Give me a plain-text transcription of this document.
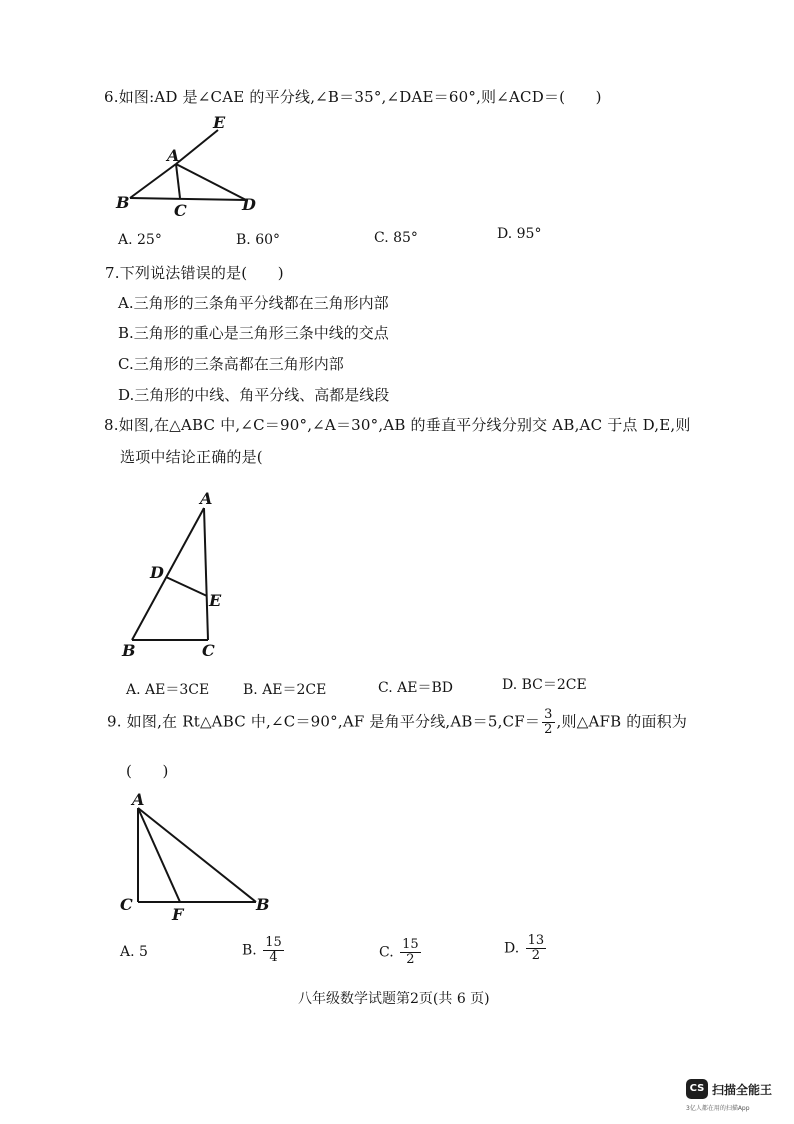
6.如图:AD 是∠CAE 的平分线,∠B＝35°,∠DAE＝60°,则∠ACD＝(　　)
E
A
B	C	D
A. 25°	B. 60°	C. 85°	D. 95°
7.下列说法错误的是(　　)
A.三角形的三条角平分线都在三角形内部
B.三角形的重心是三角形三条中线的交点
C.三角形的三条高都在三角形内部
D.三角形的中线、角平分线、高都是线段
8.如图,在△ABC 中,∠C＝90°,∠A＝30°,AB 的垂直平分线分别交 AB,AC 于点 D,E,则
选项中结论正确的是(
A
D
E
B	C
A. AE＝3CE B. AE＝2CE	C. AE＝BD	D. BC＝2CE
9. 如图,在 Rt△ABC 中,∠C＝90°,AF 是角平分线$,AB=5,CF= \frac{3}{2}$ ,则△AFB 的面积为
(　　)
A
C
F
B
A. 5	B. $\frac{15}{4}$	C. $\frac{15}{2}$	D. $\frac{13}{2}$
八年级数学试题第2页(共 6 页)
CS 扫描全能王
3亿人都在用的扫描App
